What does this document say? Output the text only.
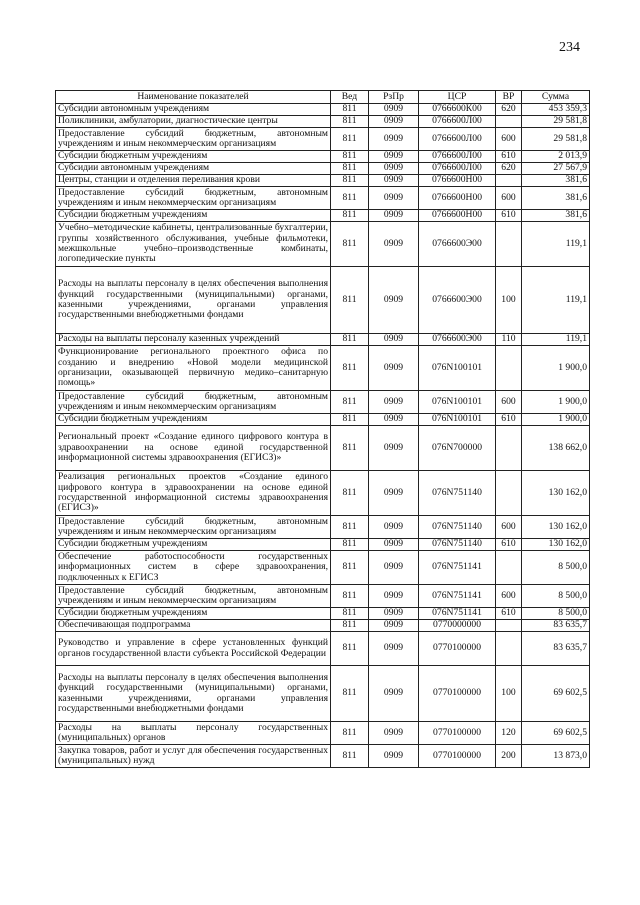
234
Наименование показателей	Вед	РзПр	ЦСР	ВР	Сумма
Субсидии автономным учреждениям	811	0909	0766600К00	620	453 359,3
Поликлиники, амбулатории, диагностические центры	811	0909	0766600Л00		29 581,8
Предоставление субсидий бюджетным, автономным учреждениям и иным некоммерческим организациям	811	0909	0766600Л00	600	29 581,8
Субсидии бюджетным учреждениям	811	0909	0766600Л00	610	2 013,9
Субсидии автономным учреждениям	811	0909	0766600Л00	620	27 567,9
Центры, станции и отделения переливания крови	811	0909	0766600Н00		381,6
Предоставление субсидий бюджетным, автономным учреждениям и иным некоммерческим организациям	811	0909	0766600Н00	600	381,6
Субсидии бюджетным учреждениям	811	0909	0766600Н00	610	381,6
Учебно–методические кабинеты, централизованные бухгалтерии, группы хозяйственного обслуживания, учебные фильмотеки, межшкольные учебно–производственные комбинаты, логопедические пункты	811	0909	0766600Э00		119,1
Расходы на выплаты персоналу в целях обеспечения выполнения функций государственными (муниципальными) органами, казенными учреждениями, органами управления государственными внебюджетными фондами	811	0909	0766600Э00	100	119,1
Расходы на выплаты персоналу казенных учреждений	811	0909	0766600Э00	110	119,1
Функционирование регионального проектного офиса по созданию и внедрению «Новой модели медицинской организации, оказывающей первичную медико–санитарную помощь»	811	0909	076N100101		1 900,0
Предоставление субсидий бюджетным, автономным учреждениям и иным некоммерческим организациям	811	0909	076N100101	600	1 900,0
Субсидии бюджетным учреждениям	811	0909	076N100101	610	1 900,0
Региональный проект «Создание единого цифрового контура в здравоохранении на основе единой государственной информационной системы здравоохранения (ЕГИСЗ)»	811	0909	076N700000		138 662,0
Реализация региональных проектов «Создание единого цифрового контура в здравоохранении на основе единой государственной информационной системы здравоохранения (ЕГИСЗ)»	811	0909	076N751140		130 162,0
Предоставление субсидий бюджетным, автономным учреждениям и иным некоммерческим организациям	811	0909	076N751140	600	130 162,0
Субсидии бюджетным учреждениям	811	0909	076N751140	610	130 162,0
Обеспечение работоспособности государственных информационных систем в сфере здравоохранения, подключенных к ЕГИСЗ	811	0909	076N751141		8 500,0
Предоставление субсидий бюджетным, автономным учреждениям и иным некоммерческим организациям	811	0909	076N751141	600	8 500,0
Субсидии бюджетным учреждениям	811	0909	076N751141	610	8 500,0
Обеспечивающая подпрограмма	811	0909	0770000000		83 635,7
Руководство и управление в сфере установленных функций органов государственной власти субъекта Российской Федерации	811	0909	0770100000		83 635,7
Расходы на выплаты персоналу в целях обеспечения выполнения функций государственными (муниципальными) органами, казенными учреждениями, органами управления государственными внебюджетными фондами	811	0909	0770100000	100	69 602,5
Расходы на выплаты персоналу государственных (муниципальных) органов	811	0909	0770100000	120	69 602,5
Закупка товаров, работ и услуг для обеспечения государственных (муниципальных) нужд	811	0909	0770100000	200	13 873,0
